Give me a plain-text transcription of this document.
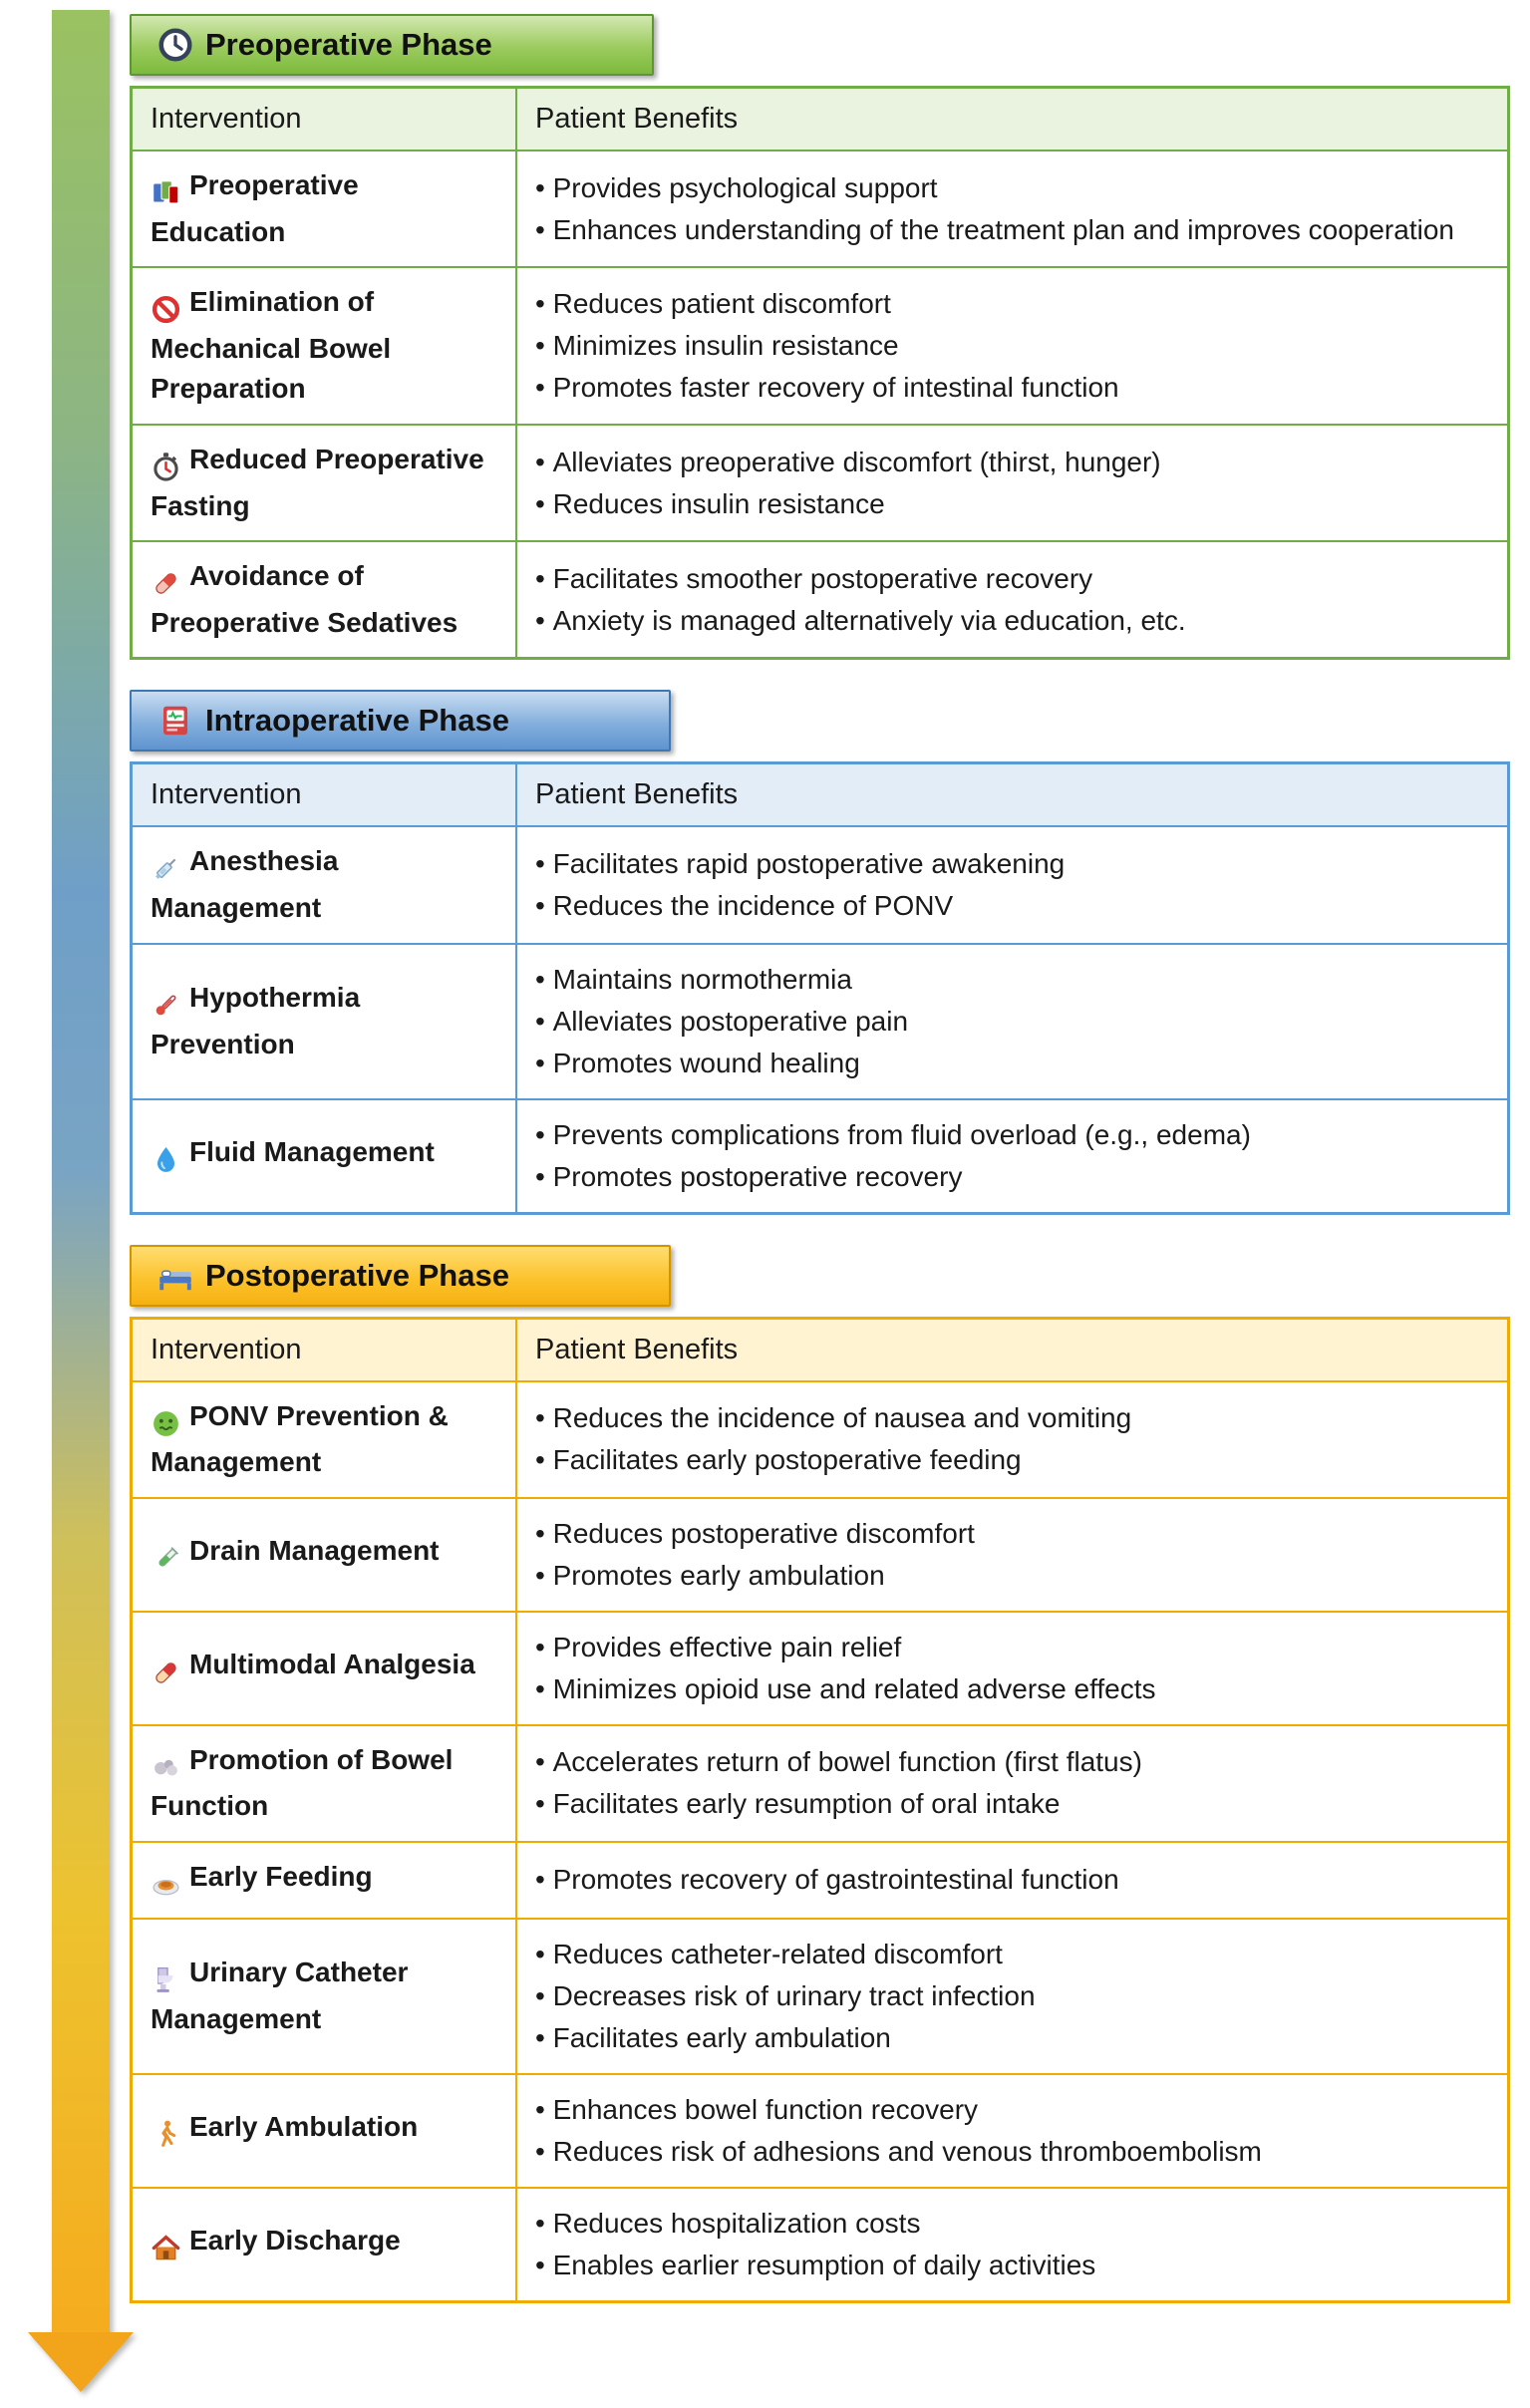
Preoperative Phase
Intervention	Patient Benefits
Preoperative Education	• Provides psychological support
• Enhances understanding of the treatment plan and improves cooperation

Elimination of Mechanical Bowel Preparation	• Reduces patient discomfort
• Minimizes insulin resistance
• Promotes faster recovery of intestinal function

Reduced Preoperative Fasting	• Alleviates preoperative discomfort (thirst, hunger)
• Reduces insulin resistance

Avoidance of Preoperative Sedatives	• Facilitates smoother postoperative recovery
• Anxiety is managed alternatively via education, etc.
Intraoperative Phase
Intervention	Patient Benefits
Anesthesia Management	• Facilitates rapid postoperative awakening
• Reduces the incidence of PONV

Hypothermia Prevention	• Maintains normothermia
• Alleviates postoperative pain
• Promotes wound healing

Fluid Management	• Prevents complications from fluid overload (e.g., edema)
• Promotes postoperative recovery
Postoperative Phase
Intervention	Patient Benefits
PONV Prevention & Management	• Reduces the incidence of nausea and vomiting
• Facilitates early postoperative feeding

Drain Management	• Reduces postoperative discomfort
• Promotes early ambulation

Multimodal Analgesia	• Provides effective pain relief
• Minimizes opioid use and related adverse effects

Promotion of Bowel Function	• Accelerates return of bowel function (first flatus)
• Facilitates early resumption of oral intake

Early Feeding	• Promotes recovery of gastrointestinal function

Urinary Catheter Management	• Reduces catheter-related discomfort
• Decreases risk of urinary tract infection
• Facilitates early ambulation

Early Ambulation	• Enhances bowel function recovery
• Reduces risk of adhesions and venous thromboembolism

Early Discharge	• Reduces hospitalization costs
• Enables earlier resumption of daily activities
